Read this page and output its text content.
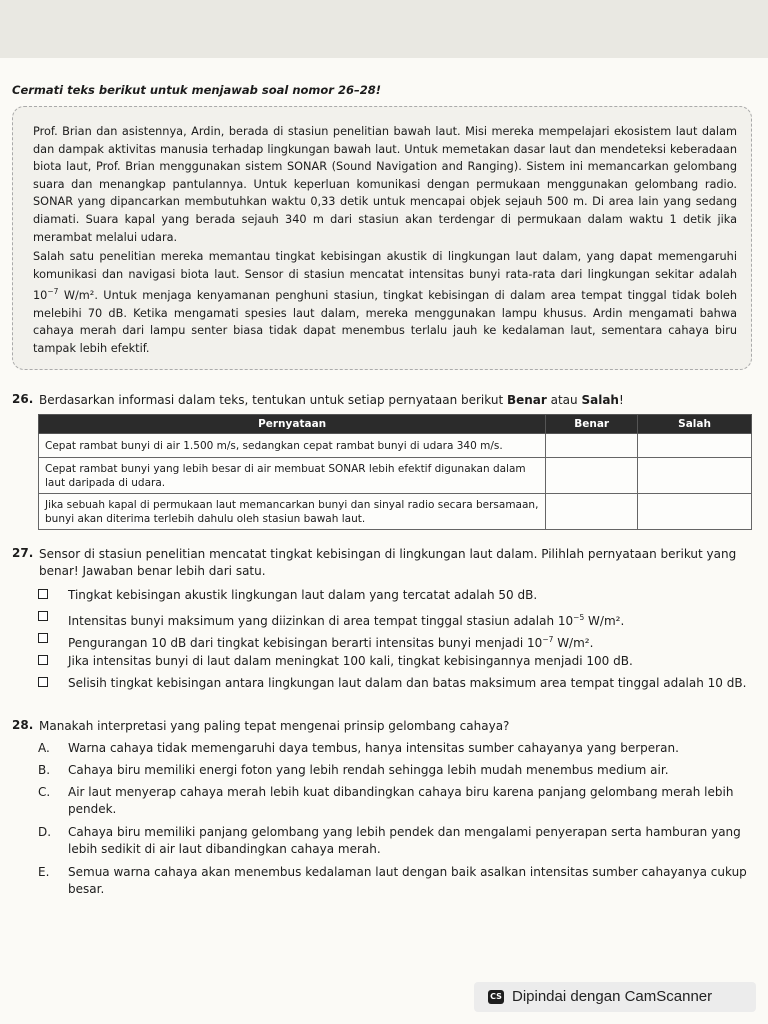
Cermati teks berikut untuk menjawab soal nomor 26–28!

Prof. Brian dan asistennya, Ardin, berada di stasiun penelitian bawah laut. Misi mereka mempelajari ekosistem laut dalam dan dampak aktivitas manusia terhadap lingkungan bawah laut. Untuk memetakan dasar laut dan mendeteksi keberadaan biota laut, Prof. Brian menggunakan sistem SONAR (Sound Navigation and Ranging). Sistem ini memancarkan gelombang suara dan menangkap pantulannya. Untuk keperluan komunikasi dengan permukaan menggunakan gelombang radio. SONAR yang dipancarkan membutuhkan waktu 0,33 detik untuk mencapai objek sejauh 500 m. Di area lain yang sedang diamati. Suara kapal yang berada sejauh 340 m dari stasiun akan terdengar di permukaan dalam waktu 1 detik jika merambat melalui udara.

Salah satu penelitian mereka memantau tingkat kebisingan akustik di lingkungan laut dalam, yang dapat memengaruhi komunikasi dan navigasi biota laut. Sensor di stasiun mencatat intensitas bunyi rata-rata dari lingkungan sekitar adalah $10^{-7}$ W/m². Untuk menjaga kenyamanan penghuni stasiun, tingkat kebisingan di dalam area tempat tinggal tidak boleh melebihi 70 dB. Ketika mengamati spesies laut dalam, mereka menggunakan lampu khusus. Ardin mengamati bahwa cahaya merah dari lampu senter biasa tidak dapat menembus terlalu jauh ke kedalaman laut, sementara cahaya biru tampak lebih efektif.

26. Berdasarkan informasi dalam teks, tentukan untuk setiap pernyataan berikut Benar atau Salah!
Pernyataan	Benar	Salah
Cepat rambat bunyi di air 1.500 m/s, sedangkan cepat rambat bunyi di udara 340 m/s.		
Cepat rambat bunyi yang lebih besar di air membuat SONAR lebih efektif digunakan dalam laut daripada di udara.		
Jika sebuah kapal di permukaan laut memancarkan bunyi dan sinyal radio secara bersamaan, bunyi akan diterima terlebih dahulu oleh stasiun bawah laut.		
27. Sensor di stasiun penelitian mencatat tingkat kebisingan di lingkungan laut dalam. Pilihlah pernyataan berikut yang benar! Jawaban benar lebih dari satu.
Tingkat kebisingan akustik lingkungan laut dalam yang tercatat adalah 50 dB.
Intensitas bunyi maksimum yang diizinkan di area tempat tinggal stasiun adalah $10^{-5}$ W/m².
Pengurangan 10 dB dari tingkat kebisingan berarti intensitas bunyi menjadi $10^{-7}$ W/m².
Jika intensitas bunyi di laut dalam meningkat 100 kali, tingkat kebisingannya menjadi 100 dB.
Selisih tingkat kebisingan antara lingkungan laut dalam dan batas maksimum area tempat tinggal adalah 10 dB.
28. Manakah interpretasi yang paling tepat mengenai prinsip gelombang cahaya?
A. Warna cahaya tidak memengaruhi daya tembus, hanya intensitas sumber cahayanya yang berperan.
B. Cahaya biru memiliki energi foton yang lebih rendah sehingga lebih mudah menembus medium air.
C. Air laut menyerap cahaya merah lebih kuat dibandingkan cahaya biru karena panjang gelombang merah lebih pendek.
D. Cahaya biru memiliki panjang gelombang yang lebih pendek dan mengalami penyerapan serta hamburan yang lebih sedikit di air laut dibandingkan cahaya merah.
E. Semua warna cahaya akan menembus kedalaman laut dengan baik asalkan intensitas sumber cahayanya cukup besar.
CS Dipindai dengan CamScanner
